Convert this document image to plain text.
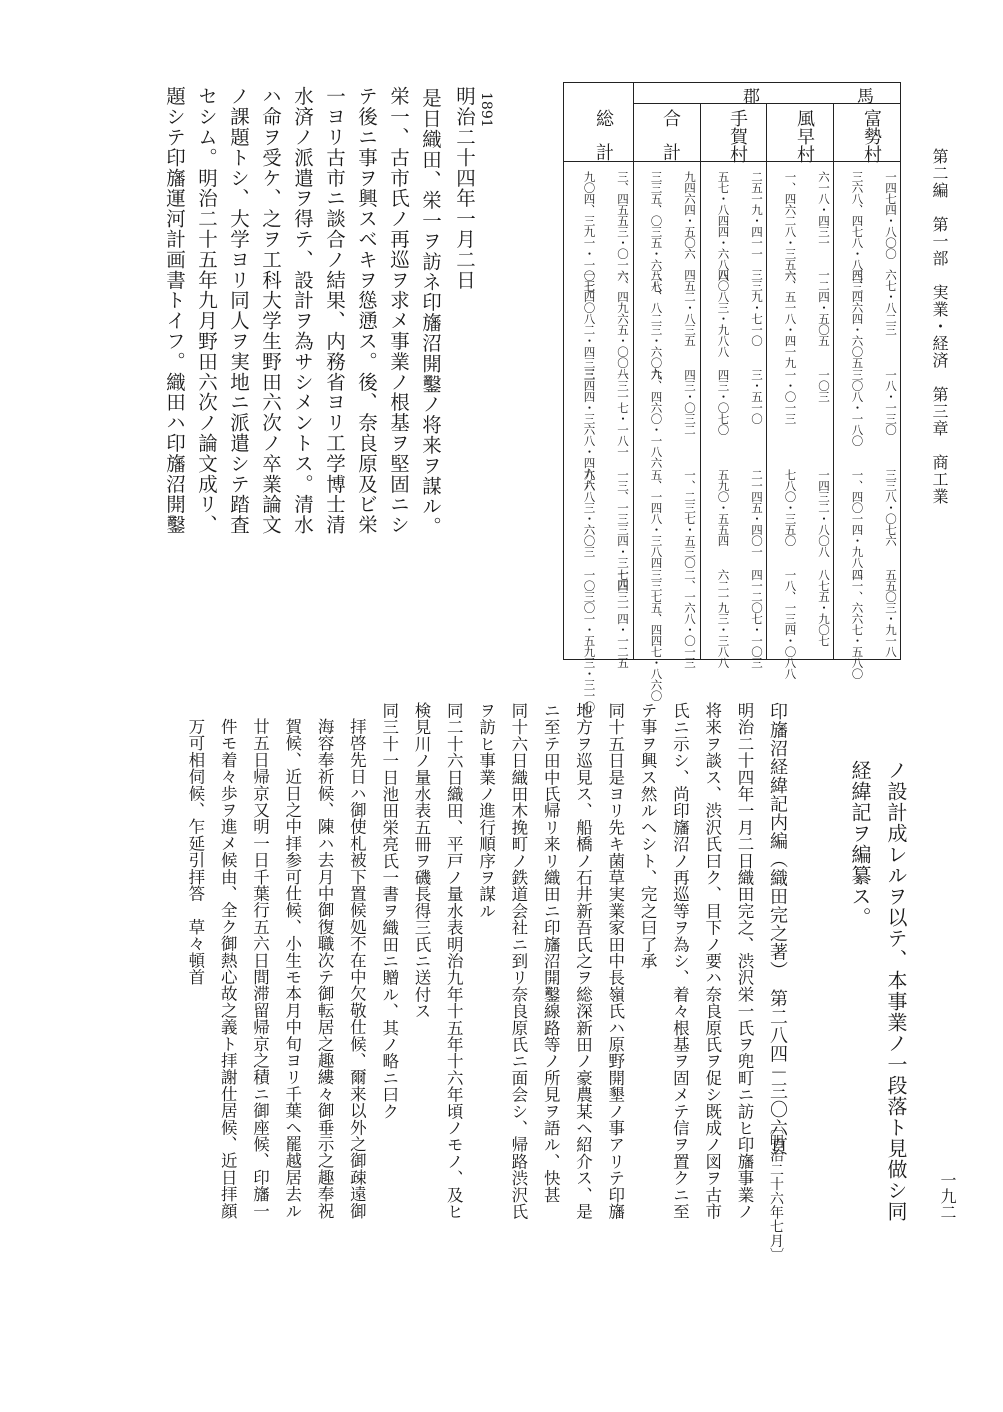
第二編　第一部　実業・経済　第三章　商工業
一九二
郡　馬
富勢村
風早村
手賀村
合計
総計
一四七四・八〇〇
六七・八二三
一八・一三〇
三三八・〇七六
五五〇三・九一八
三六八、四七八・八四三
三、四六四・六〇五
三〇八・一八〇
一、四〇一四・九八二
四一、六六七・五八〇
六一八・四三一
一二四・五〇五
一〇三
一四三二・八〇八
八七五・九〇七
一、四六二八・三五六
一、五一八・四一九
一・〇一三
七八〇・三五〇
一八、一三四・〇八八
二五一九・四一一
三三九・七一〇
三・五一〇
二一四五・四〇一
四一二〇七・一〇三
五七・八四四・六八八
四〇八三・九八八
四三・〇七〇
五九〇・五五四
六二一九三・三八八
九四六四・五〇六
四五二・八三五
四三・〇三二
一、二三七・五三〇
二、一六八・〇一三
三三五、〇三五・六八七
三八、八二三・六〇九
六、四六〇・一八六
五、一四八・三八四
三三七五、四四七・八六〇
三、四五五三・〇一六
一、四九六五・〇〇八
一三一七・一八一
一三、一三三四・三一四
七四三一四・一二五
九〇四、三九一・一〇七
一三四〇八二・四三三
三四四・三六八・四六八
九六八三・六〇三
一〇三〇一・五九三・三一〇
1891
明治二十四年一月二日
是日織田、栄一ヲ訪ネ印旛沼開鑿ノ将来ヲ謀ル。
栄一、古市氏ノ再巡ヲ求メ事業ノ根基ヲ堅固ニシ
テ後ニ事ヲ興スベキヲ慫慂ス。後、奈良原及ビ栄
一ヨリ古市ニ談合ノ結果、内務省ヨリ工学博士清
水済ノ派遣ヲ得テ、設計ヲ為サシメントス。清水
ハ命ヲ受ケ、之ヲ工科大学生野田六次ノ卒業論文
ノ課題トシ、大学ヨリ同人ヲ実地ニ派遣シテ踏査
セシム。明治二十五年九月野田六次ノ論文成リ、
題シテ印旛運河計画書トイフ。織田ハ印旛沼開鑿
ノ設計成レルヲ以テ、本事業ノ一段落ト見做シ同
経緯記ヲ編纂ス。
印旛沼経緯記内編（織田完之著）　第二八四－三〇六頁
〔明治二十六年七月〕
明治二十四年一月二日織田完之、渋沢栄一氏ヲ兜町ニ訪ヒ印旛事業ノ
将来ヲ談ス、渋沢氏曰ク、目下ノ要ハ奈良原氏ヲ促シ既成ノ図ヲ古市
氏ニ示シ、尚印旛沼ノ再巡等ヲ為シ、着々根基ヲ固メテ信ヲ置クニ至
テ事ヲ興ス然ルヘシト、完之曰了承
同十五日是ヨリ先キ菌草実業家田中長嶺氏ハ原野開墾ノ事アリテ印旛
地方ヲ巡見ス、船橋ノ石井新吾氏之ヲ総深新田ノ豪農某ヘ紹介ス、是
ニ至テ田中氏帰リ来リ織田ニ印旛沼開鑿線路等ノ所見ヲ語ル、快甚
同十六日織田木挽町ノ鉄道会社ニ到リ奈良原氏ニ面会シ、帰路渋沢氏
ヲ訪ヒ事業ノ進行順序ヲ謀ル
同二十六日織田、平戸ノ量水表明治九年十五年十六年頃ノモノ、及ヒ
検見川ノ量水表五冊ヲ磯長得三氏ニ送付ス
同三十一日池田栄亮氏一書ヲ織田ニ贈ル、其ノ略ニ曰ク
拝啓先日ハ御使札被下置候処不在中欠敬仕候、爾来以外之御疎遠御
海容奉祈候、陳ハ去月中御復職次テ御転居之趣縷々御垂示之趣奉祝
賀候、近日之中拝参可仕候、小生モ本月中旬ヨリ千葉ヘ罷越居去ル
廿五日帰京又明一日千葉行五六日間滞留帰京之積ニ御座候、印旛一
件モ着々歩ヲ進メ候由、全ク御熱心故之義ト拝謝仕居候、近日拝顔
万可相伺候、乍延引拝答　草々頓首
